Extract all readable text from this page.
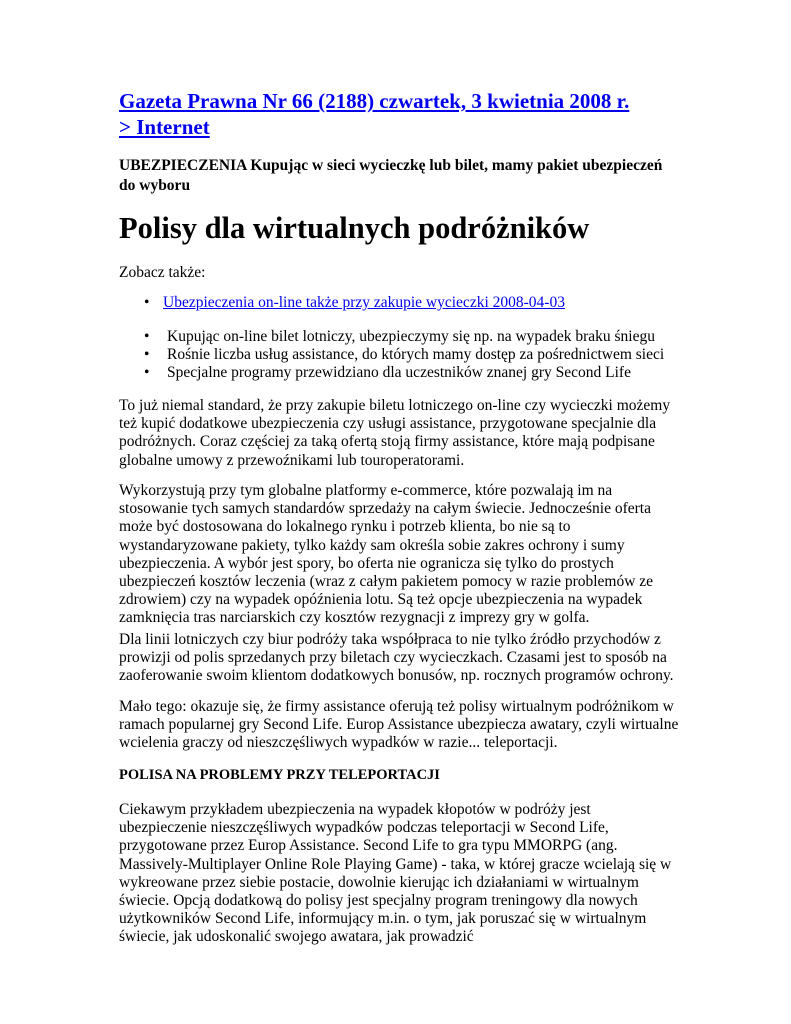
Gazeta Prawna Nr 66 (2188) czwartek, 3 kwietnia 2008 r.
> Internet
UBEZPIECZENIA Kupując w sieci wycieczkę lub bilet, mamy pakiet ubezpieczeń do wyboru
Polisy dla wirtualnych podróżników
Zobacz także:
• Ubezpieczenia on-line także przy zakupie wycieczki 2008-04-03
• Kupując on-line bilet lotniczy, ubezpieczymy się np. na wypadek braku śniegu
• Rośnie liczba usług assistance, do których mamy dostęp za pośrednictwem sieci
• Specjalne programy przewidziano dla uczestników znanej gry Second Life

To już niemal standard, że przy zakupie biletu lotniczego on-line czy wycieczki możemy też kupić dodatkowe ubezpieczenia czy usługi assistance, przygotowane specjalnie dla podróżnych. Coraz częściej za taką ofertą stoją firmy assistance, które mają podpisane globalne umowy z przewoźnikami lub touroperatorami.

Wykorzystują przy tym globalne platformy e-commerce, które pozwalają im na stosowanie tych samych standardów sprzedaży na całym świecie. Jednocześnie oferta może być dostosowana do lokalnego rynku i potrzeb klienta, bo nie są to wystandaryzowane pakiety, tylko każdy sam określa sobie zakres ochrony i sumy ubezpieczenia. A wybór jest spory, bo oferta nie ogranicza się tylko do prostych ubezpieczeń kosztów leczenia (wraz z całym pakietem pomocy w razie problemów ze zdrowiem) czy na wypadek opóźnienia lotu. Są też opcje ubezpieczenia na wypadek zamknięcia tras narciarskich czy kosztów rezygnacji z imprezy gry w golfa.

Dla linii lotniczych czy biur podróży taka współpraca to nie tylko źródło przychodów z prowizji od polis sprzedanych przy biletach czy wycieczkach. Czasami jest to sposób na zaoferowanie swoim klientom dodatkowych bonusów, np. rocznych programów ochrony.

Mało tego: okazuje się, że firmy assistance oferują też polisy wirtualnym podróżnikom w ramach popularnej gry Second Life. Europ Assistance ubezpiecza awatary, czyli wirtualne wcielenia graczy od nieszczęśliwych wypadków w razie... teleportacji.

POLISA NA PROBLEMY PRZY TELEPORTACJI

Ciekawym przykładem ubezpieczenia na wypadek kłopotów w podróży jest ubezpieczenie nieszczęśliwych wypadków podczas teleportacji w Second Life, przygotowane przez Europ Assistance. Second Life to gra typu MMORPG (ang. Massively-Multiplayer Online Role Playing Game) - taka, w której gracze wcielają się w wykreowane przez siebie postacie, dowolnie kierując ich działaniami w wirtualnym świecie. Opcją dodatkową do polisy jest specjalny program treningowy dla nowych użytkowników Second Life, informujący m.in. o tym, jak poruszać się w wirtualnym świecie, jak udoskonalić swojego awatara, jak prowadzić
